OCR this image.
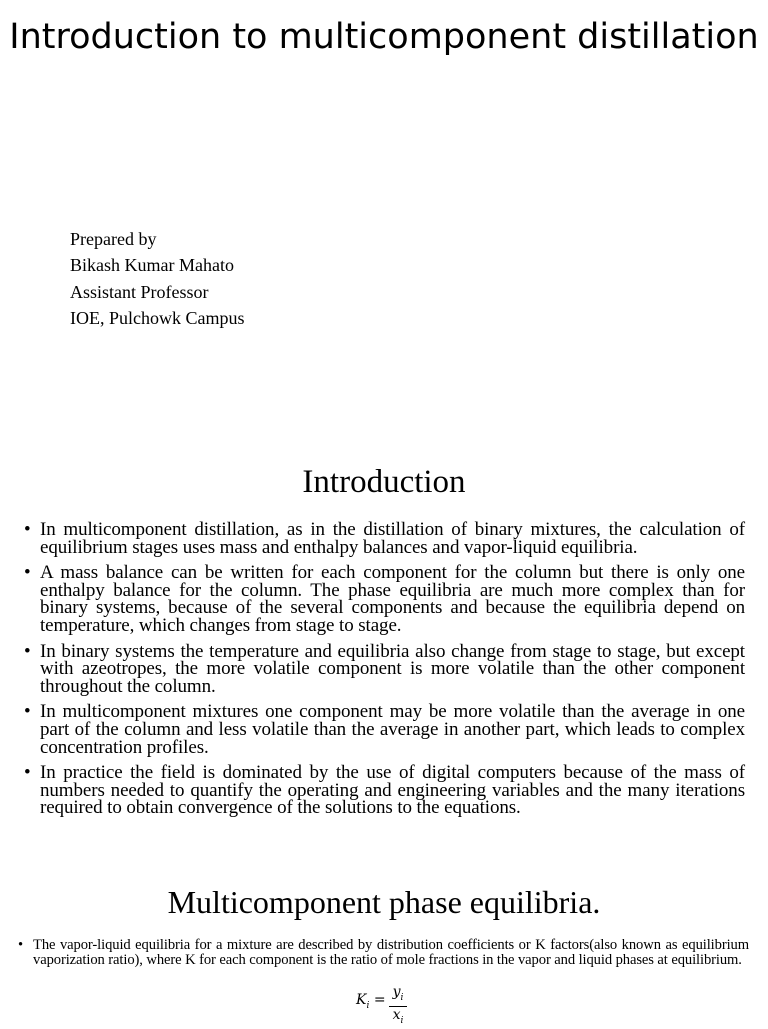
Introduction to multicomponent distillation
Prepared by
Bikash Kumar Mahato
Assistant Professor
IOE, Pulchowk Campus
Introduction
• In multicomponent distillation, as in the distillation of binary mixtures, the calculation of equilibrium stages uses mass and enthalpy balances and vapor-liquid equilibria.
• A mass balance can be written for each component for the column but there is only one enthalpy balance for the column. The phase equilibria are much more complex than for binary systems, because of the several components and because the equilibria depend on temperature, which changes from stage to stage.
• In binary systems the temperature and equilibria also change from stage to stage, but except with azeotropes, the more volatile component is more volatile than the other component throughout the column.
• In multicomponent mixtures one component may be more volatile than the average in one part of the column and less volatile than the average in another part, which leads to complex concentration profiles.
• In practice the field is dominated by the use of digital computers because of the mass of numbers needed to quantify the operating and engineering variables and the many iterations required to obtain convergence of the solutions to the equations.
Multicomponent phase equilibria.
• The vapor-liquid equilibria for a mixture are described by distribution coefficients or K factors(also known as equilibrium vaporization ratio), where K for each component is the ratio of mole fractions in the vapor and liquid phases at equilibrium.
$K_i = y_i$
$x_i$
